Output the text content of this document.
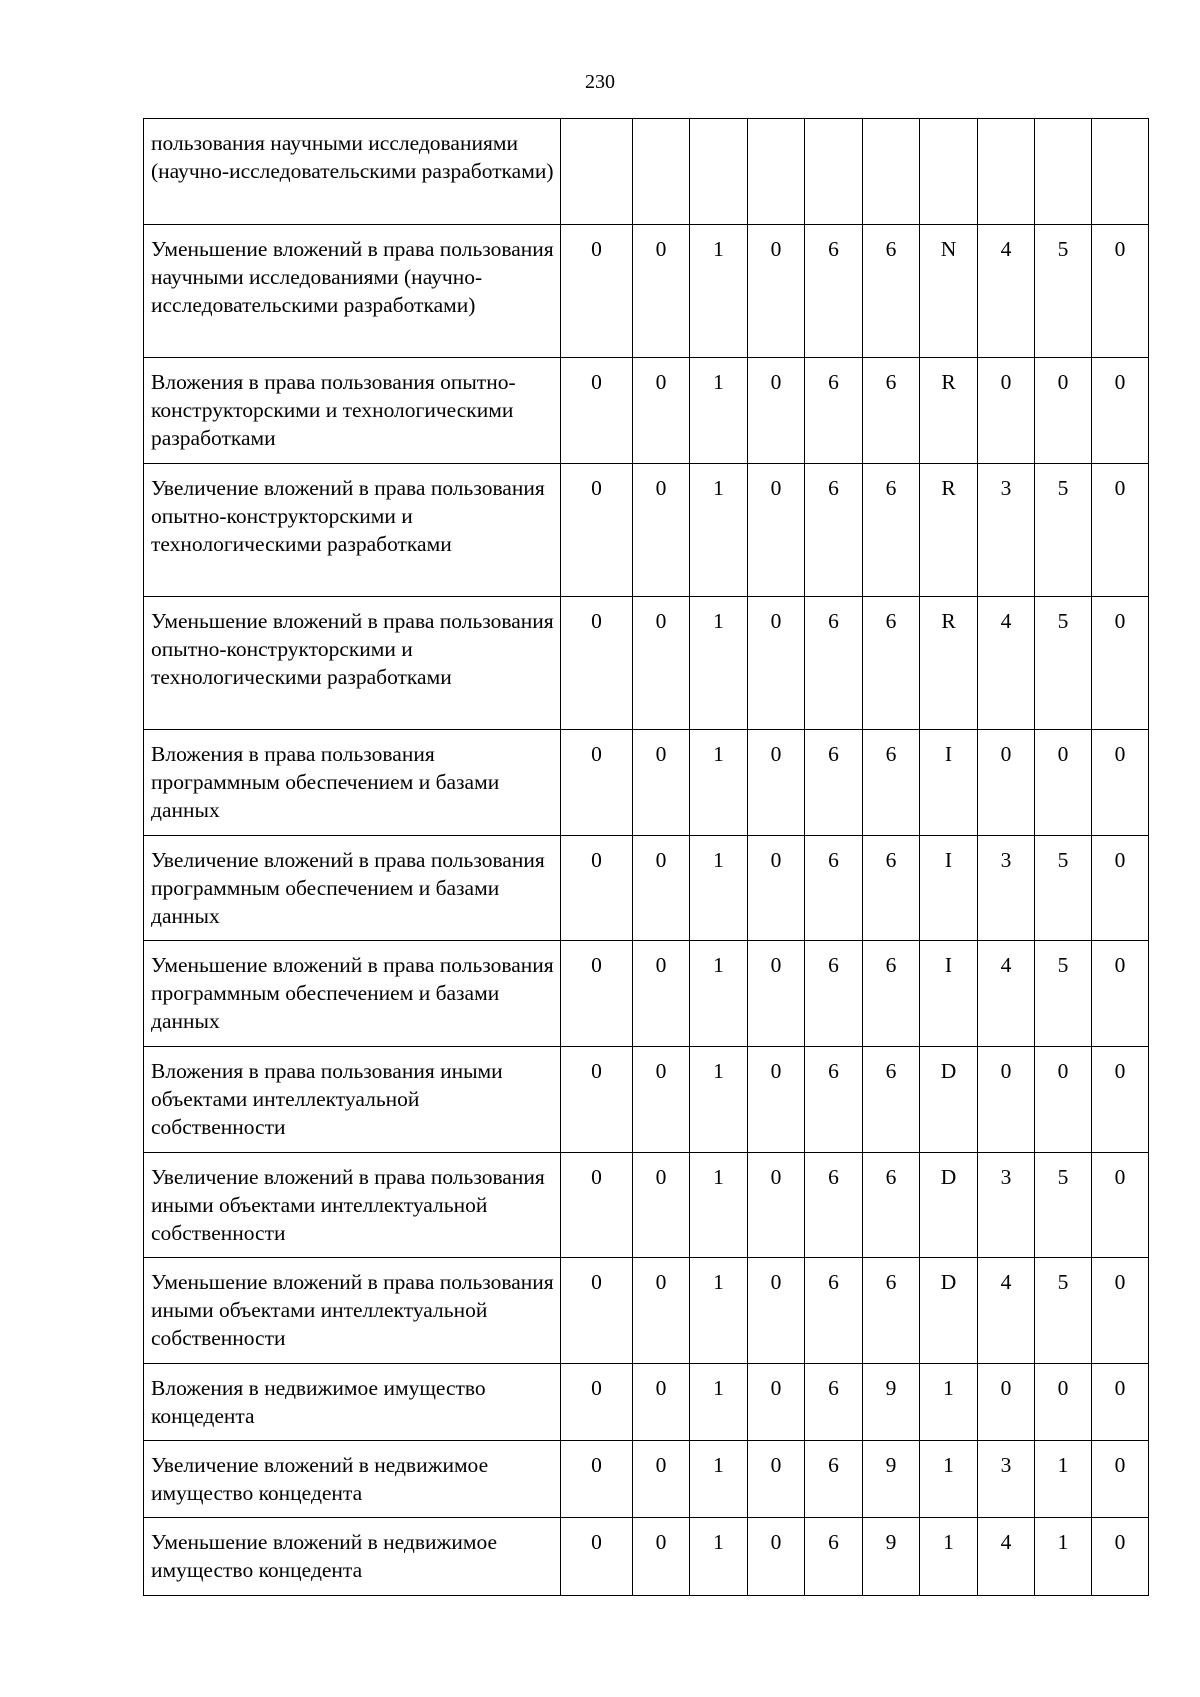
230
пользования научными исследованиями (научно-исследовательскими разработками)										
Уменьшение вложений в права пользования научными исследованиями (научно-исследовательскими разработками)	0	0	1	0	6	6	N	4	5	0
Вложения в права пользования опытно-конструкторскими и технологическими разработками	0	0	1	0	6	6	R	0	0	0
Увеличение вложений в права пользования опытно-конструкторскими и технологическими разработками	0	0	1	0	6	6	R	3	5	0
Уменьшение вложений в права пользования опытно-конструкторскими и технологическими разработками	0	0	1	0	6	6	R	4	5	0
Вложения в права пользования программным обеспечением и базами данных	0	0	1	0	6	6	I	0	0	0
Увеличение вложений в права пользования программным обеспечением и базами данных	0	0	1	0	6	6	I	3	5	0
Уменьшение вложений в права пользования программным обеспечением и базами данных	0	0	1	0	6	6	I	4	5	0
Вложения в права пользования иными объектами интеллектуальной собственности	0	0	1	0	6	6	D	0	0	0
Увеличение вложений в права пользования иными объектами интеллектуальной собственности	0	0	1	0	6	6	D	3	5	0
Уменьшение вложений в права пользования иными объектами интеллектуальной собственности	0	0	1	0	6	6	D	4	5	0
Вложения в недвижимое имущество концедента	0	0	1	0	6	9	1	0	0	0
Увеличение вложений в недвижимое имущество концедента	0	0	1	0	6	9	1	3	1	0
Уменьшение вложений в недвижимое имущество концедента	0	0	1	0	6	9	1	4	1	0
